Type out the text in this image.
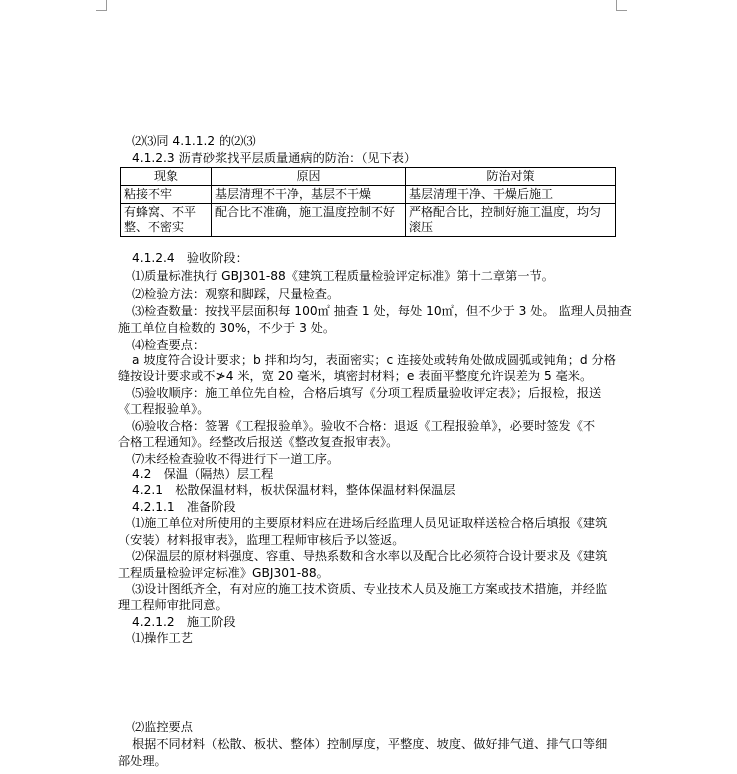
⑵⑶同 4.1.1.2 的⑵⑶
4.1.2.3 沥青砂浆找平层质量通病的防治：（见下表）
现象	原因	防治对策
粘接不牢	基层清理不干净，基层不干燥	基层清理干净、干燥后施工
有蜂窝、不平整、不密实	配合比不准确，施工温度控制不好	严格配合比，控制好施工温度，均匀滚压
4.1.2.4　验收阶段：
⑴质量标准执行 GBJ301-88《建筑工程质量检验评定标准》第十二章第一节。
⑵检验方法：观察和脚踩，尺量检查。
⑶检查数量：按找平层面积每 100㎡ 抽查 1 处，每处 10㎡，但不少于 3 处。 监理人员抽查
施工单位自检数的 30%，不少于 3 处。
⑷检查要点：
a 坡度符合设计要求；b 拌和均匀，表面密实；c 连接处或转角处做成圆弧或钝角；d 分格
缝按设计要求或不≯4 米，宽 20 毫米，填密封材料；e 表面平整度允许误差为 5 毫米。
⑸验收顺序：施工单位先自检，合格后填写《分项工程质量验收评定表》；后报检，报送
《工程报验单》。
⑹验收合格：签署《工程报验单》。验收不合格：退返《工程报验单》，必要时签发《不
合格工程通知》。经整改后报送《整改复查报审表》。
⑺未经检查验收不得进行下一道工序。
4.2　保温（隔热）层工程
4.2.1　松散保温材料，板状保温材料，整体保温材料保温层
4.2.1.1　准备阶段
⑴施工单位对所使用的主要原材料应在进场后经监理人员见证取样送检合格后填报《建筑
（安装）材料报审表》，监理工程师审核后予以签返。
⑵保温层的原材料强度、容重、导热系数和含水率以及配合比必须符合设计要求及《建筑
工程质量检验评定标准》GBJ301-88。
⑶设计图纸齐全，有对应的施工技术资质、专业技术人员及施工方案或技术措施，并经监
理工程师审批同意。
4.2.1.2　施工阶段
⑴操作工艺
⑵监控要点
根据不同材料（松散、板状、整体）控制厚度，平整度、坡度、做好排气道、排气口等细
部处理。
